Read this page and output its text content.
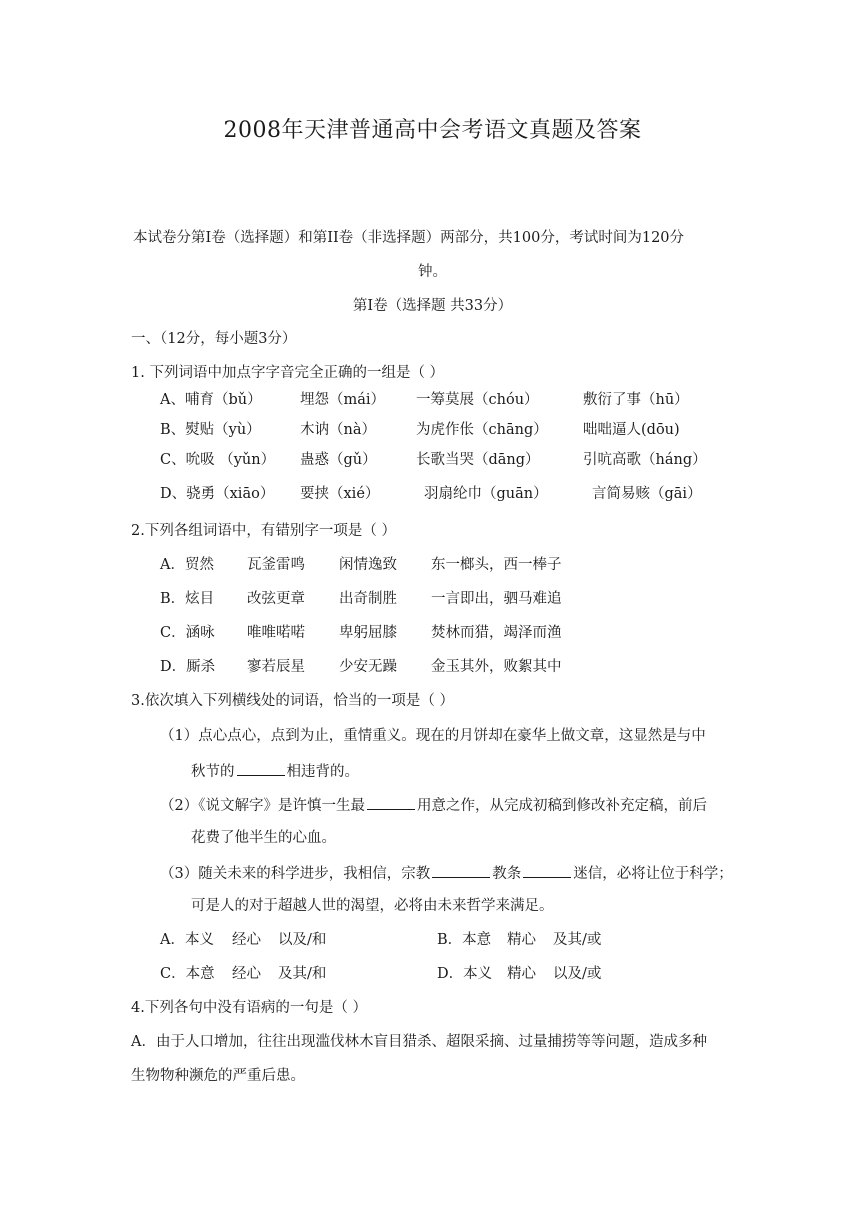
2008年天津普通高中会考语文真题及答案
本试卷分第Ⅰ卷（选择题）和第II卷（非选择题）两部分，共100分，考试时间为120分
钟。
第Ⅰ卷（选择题 共33分）
一、（12分，每小题3分）
1. 下列词语中加点字字音完全正确的一组是（ ）
A、哺育（bǔ）	埋怨（mái） 一筹莫展（chóu）	敷衍了事（hū）
B、熨贴（yù）	木讷（nà）	为虎作伥（chāng） 咄咄逼人(dōu)
C、吮吸 （yǔn） 蛊惑（gǔ）	长歌当哭（dāng）	引吭高歌（háng）
D、骁勇（xiāo） 要挟（xié）	羽扇纶巾（guān）	言简易赅（gāi）
2.下列各组词语中，有错别字一项是（ ）
A．贸然 瓦釜雷鸣 闲情逸致 东一榔头，西一棒子
B．炫目 改弦更章 出奇制胜 一言即出，驷马难追
C．涵咏 唯唯喏喏 卑躬屈膝 焚林而猎，竭泽而渔
D．厮杀 寥若辰星 少安无躁 金玉其外，败絮其中
3.依次填入下列横线处的词语，恰当的一项是（ ）
（1）点心点心，点到为止，重情重义。现在的月饼却在豪华上做文章，这显然是与中
秋节的	相违背的。
（2）《说文解字》是许慎一生最	用意之作，从完成初稿到修改补充定稿，前后
花费了他半生的心血。
（3）随关未来的科学进步，我相信，宗教	教条	迷信，必将让位于科学；
可是人的对于超越人世的渴望，必将由未来哲学来满足。
A．本义 经心 以及/和	B．本意 精心 及其/或
C．本意 经心 及其/和	D．本义 精心 以及/或
4.下列各句中没有语病的一句是（ ）
A．由于人口增加，往往出现滥伐林木盲目猎杀、超限采摘、过量捕捞等等问题，造成多种
生物物种濒危的严重后患。
